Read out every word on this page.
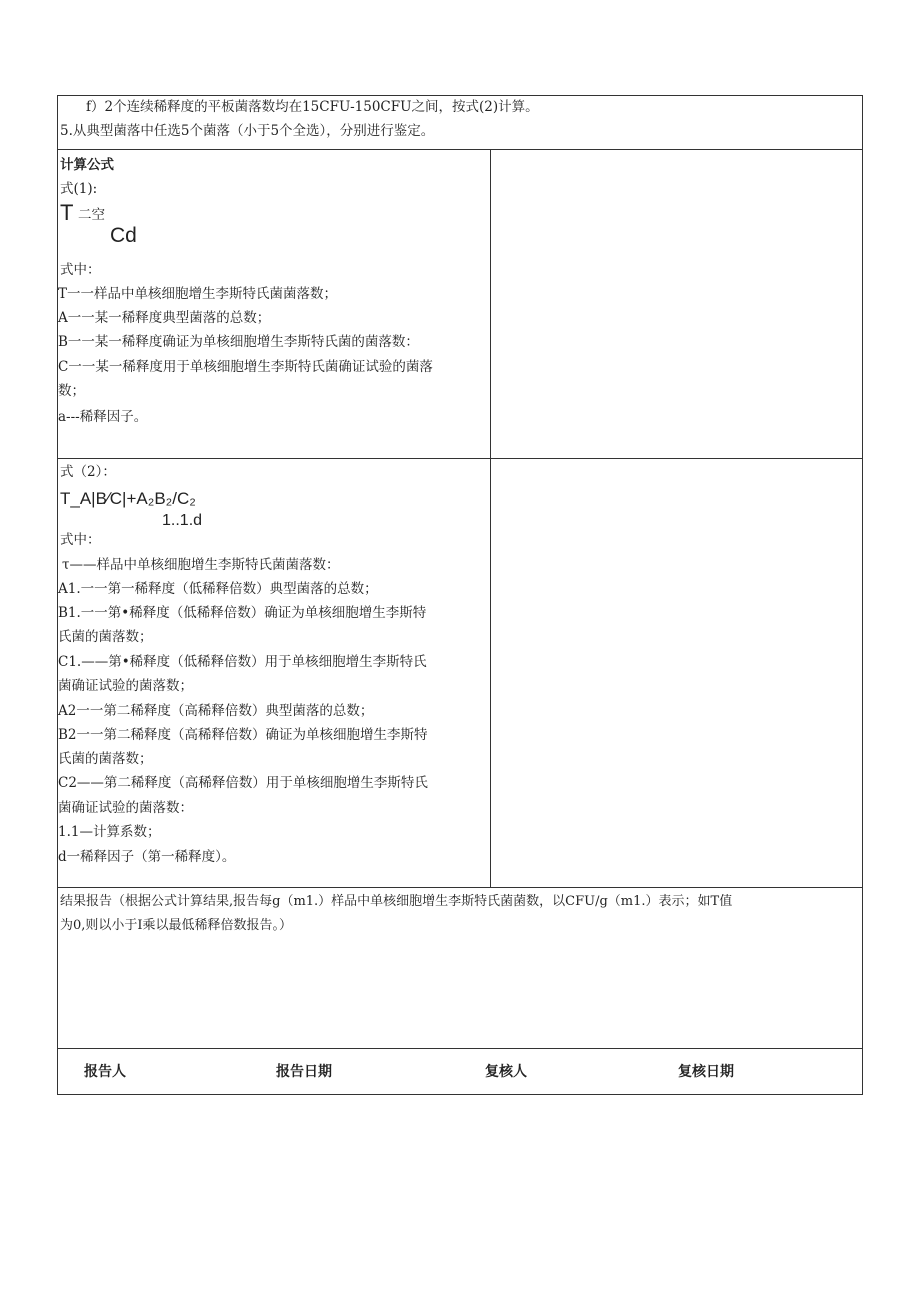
f）2个连续稀释度的平板菌落数均在15CFU-150CFU之间，按式(2)计算。
5.从典型菌落中任选5个菌落（小于5个全选），分别进行鉴定。
计算公式
式(1):
T 二空
Cd
式中：
T一一样品中单核细胞增生李斯特氏菌菌落数；
A一一某一稀释度典型菌落的总数；
B一一某一稀释度确证为单核细胞增生李斯特氏菌的菌落数：
C一一某一稀释度用于单核细胞增生李斯特氏菌确证试验的菌落
数；
a---稀释因子。
式（2）：
T_A|B∕C|+A₂B₂/C₂
1..1.d
式中：
τ——样品中单核细胞增生李斯特氏菌菌落数：
A1.一一第一稀释度（低稀释倍数）典型菌落的总数；
B1.一一第•稀释度（低稀释倍数）确证为单核细胞增生李斯特
氏菌的菌落数；
C1.——第•稀释度（低稀释倍数）用于单核细胞增生李斯特氏
菌确证试验的菌落数；
A2一一第二稀释度（高稀释倍数）典型菌落的总数；
B2一一第二稀释度（高稀释倍数）确证为单核细胞增生李斯特
氏菌的菌落数；
C2——第二稀释度（高稀释倍数）用于单核细胞增生李斯特氏
菌确证试验的菌落数：
1.1—计算系数；
d一稀释因子（第一稀释度）。
结果报告（根据公式计算结果,报告每g（m1.）样品中单核细胞增生李斯特氏菌菌数，以CFU/g（m1.）表示；如T值
为0,则以小于I乘以最低稀释倍数报告。）
报告人	报告日期	复核人	复核日期
